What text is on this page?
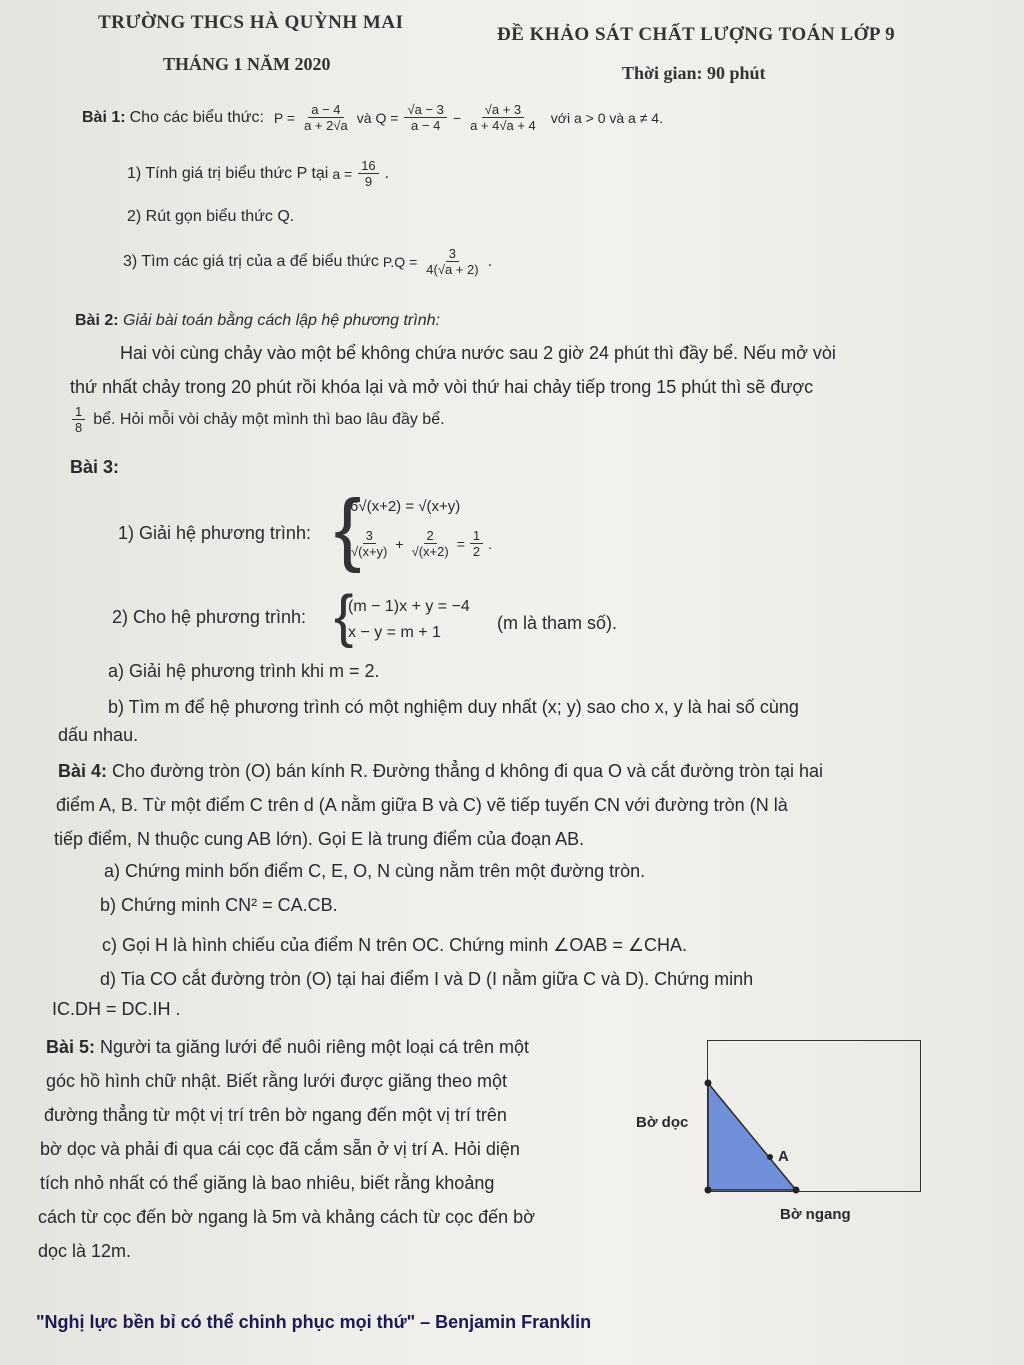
TRƯỜNG THCS HÀ QUỲNH MAI
ĐỀ KHẢO SÁT CHẤT LƯỢNG TOÁN LỚP 9
THÁNG 1 NĂM 2020	Thời gian: 90 phút
Bài 1: Cho các biểu thức: $P = \frac{a - 4}{a + 2√a}$ và $Q = \frac{√a - 3}{a - 4} - \frac{√a + 3}{a + 4√a + 4}$ với a > 0 và a ≠ 4.
1) Tính giá trị biểu thức P tại $a = \frac{16}{9}$ .
2) Rút gọn biểu thức Q.
3) Tìm các giá trị của a để biểu thức $P.Q = \frac{3}{4(√a + 2)}$ .
Bài 2: Giải bài toán bằng cách lập hệ phương trình:
Hai vòi cùng chảy vào một bể không chứa nước sau 2 giờ 24 phút thì đầy bể. Nếu mở vòi
thứ nhất chảy trong 20 phút rồi khóa lại và mở vòi thứ hai chảy tiếp trong 15 phút thì sẽ được
$\frac{1}{8}$ bể. Hỏi mỗi vòi chảy một mình thì bao lâu đầy bể.
Bài 3:
1) Giải hệ phương trình: {
6√(x+2) = √(x+y)
$\frac{3}{√(x+y)} + \frac{2}{√(x+2)} = \frac{1}{2}$ .
2) Cho hệ phương trình: {
(m − 1)x + y = −4
x − y = m + 1	(m là tham số).
a) Giải hệ phương trình khi m = 2.
b) Tìm m để hệ phương trình có một nghiệm duy nhất (x; y) sao cho x, y là hai số cùng
dấu nhau.
Bài 4: Cho đường tròn (O) bán kính R. Đường thẳng d không đi qua O và cắt đường tròn tại hai
điểm A, B. Từ một điểm C trên d (A nằm giữa B và C) vẽ tiếp tuyến CN với đường tròn (N là
tiếp điểm, N thuộc cung AB lớn). Gọi E là trung điểm của đoạn AB.
a) Chứng minh bốn điểm C, E, O, N cùng nằm trên một đường tròn.
b) Chứng minh CN² = CA.CB.
c) Gọi H là hình chiếu của điểm N trên OC. Chứng minh ∠OAB = ∠CHA.
d) Tia CO cắt đường tròn (O) tại hai điểm I và D (I nằm giữa C và D). Chứng minh
IC.DH = DC.IH .
Bài 5: Người ta giăng lưới để nuôi riêng một loại cá trên một
góc hồ hình chữ nhật. Biết rằng lưới được giăng theo một
đường thẳng từ một vị trí trên bờ ngang đến một vị trí trên
bờ dọc và phải đi qua cái cọc đã cắm sẵn ở vị trí A. Hỏi diện
tích nhỏ nhất có thể giăng là bao nhiêu, biết rằng khoảng
cách từ cọc đến bờ ngang là 5m và khảng cách từ cọc đến bờ
dọc là 12m.
Bờ dọc
A
Bờ ngang
"Nghị lực bền bỉ có thể chinh phục mọi thứ" – Benjamin Franklin
